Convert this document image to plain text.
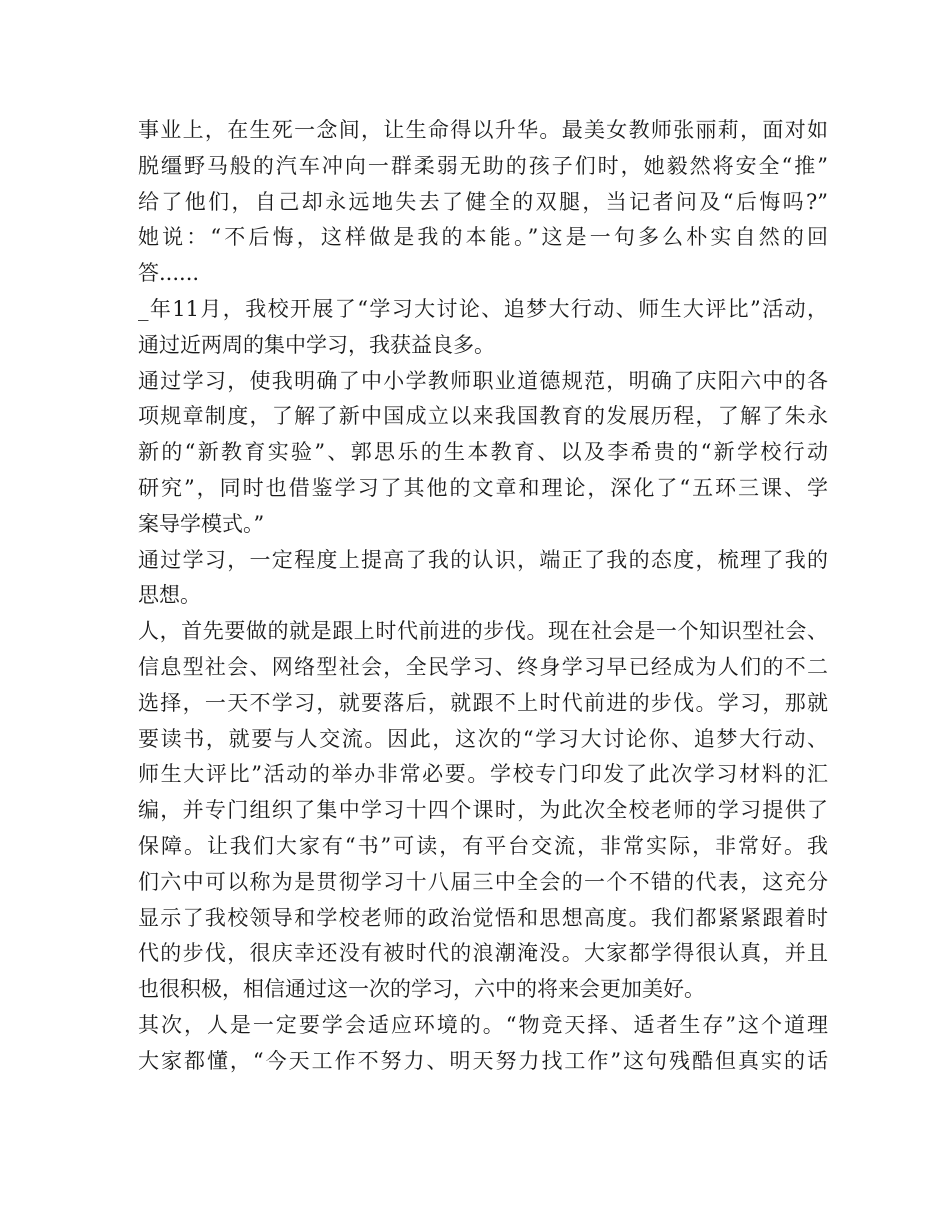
事业上，在生死一念间，让生命得以升华。最美女教师张丽莉，面对如
脱缰野马般的汽车冲向一群柔弱无助的孩子们时，她毅然将安全“推”
给了他们，自己却永远地失去了健全的双腿，当记者问及“后悔吗?”
她说：“不后悔，这样做是我的本能。”这是一句多么朴实自然的回
答......
_年11月，我校开展了“学习大讨论、追梦大行动、师生大评比”活动，
通过近两周的集中学习，我获益良多。
通过学习，使我明确了中小学教师职业道德规范，明确了庆阳六中的各
项规章制度，了解了新中国成立以来我国教育的发展历程，了解了朱永
新的“新教育实验”、郭思乐的生本教育、以及李希贵的“新学校行动
研究”，同时也借鉴学习了其他的文章和理论，深化了“五环三课、学
案导学模式。”
通过学习，一定程度上提高了我的认识，端正了我的态度，梳理了我的
思想。
人，首先要做的就是跟上时代前进的步伐。现在社会是一个知识型社会、
信息型社会、网络型社会，全民学习、终身学习早已经成为人们的不二
选择，一天不学习，就要落后，就跟不上时代前进的步伐。学习，那就
要读书，就要与人交流。因此，这次的“学习大讨论你、追梦大行动、
师生大评比”活动的举办非常必要。学校专门印发了此次学习材料的汇
编，并专门组织了集中学习十四个课时，为此次全校老师的学习提供了
保障。让我们大家有“书”可读，有平台交流，非常实际，非常好。我
们六中可以称为是贯彻学习十八届三中全会的一个不错的代表，这充分
显示了我校领导和学校老师的政治觉悟和思想高度。我们都紧紧跟着时
代的步伐，很庆幸还没有被时代的浪潮淹没。大家都学得很认真，并且
也很积极，相信通过这一次的学习，六中的将来会更加美好。
其次，人是一定要学会适应环境的。“物竞天择、适者生存”这个道理
大家都懂，“今天工作不努力、明天努力找工作”这句残酷但真实的话
